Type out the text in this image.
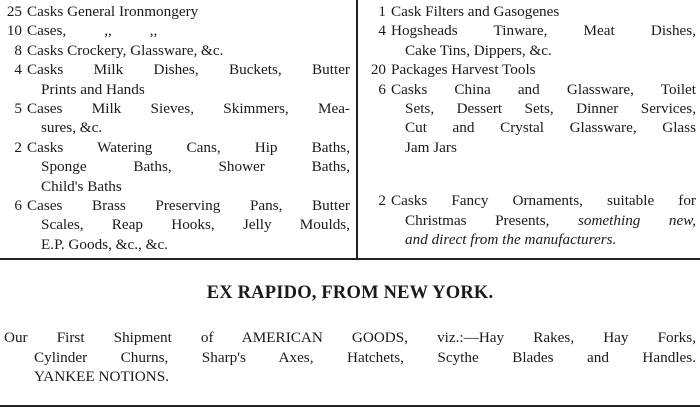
25 Casks General Ironmongery
10 Cases,          ,,          ,,
8 Casks Crockery, Glassware, &c.
4 Casks Milk Dishes, Buckets, Butter
Prints and Hands
5 Cases Milk Sieves, Skimmers, Mea-
sures, &c.
2 Casks Watering Cans, Hip Baths,
Sponge Baths, Shower Baths,
Child's Baths
6 Cases Brass Preserving Pans, Butter
Scales, Reap Hooks, Jelly Moulds,
E.P. Goods, &c., &c.
1 Cask Filters and Gasogenes
4 Hogsheads Tinware, Meat Dishes,
Cake Tins, Dippers, &c.
20 Packages Harvest Tools
6 Casks China and Glassware, Toilet
Sets, Dessert Sets, Dinner Services,
Cut and Crystal Glassware, Glass
Jam Jars
2 Casks Fancy Ornaments, suitable for
Christmas Presents, something new,
and direct from the manufacturers.
EX RAPIDO, FROM NEW YORK.
Our First Shipment of AMERICAN GOODS, viz.:—Hay Rakes, Hay Forks,
Cylinder Churns, Sharp's Axes, Hatchets, Scythe Blades and Handles.
YANKEE NOTIONS.
